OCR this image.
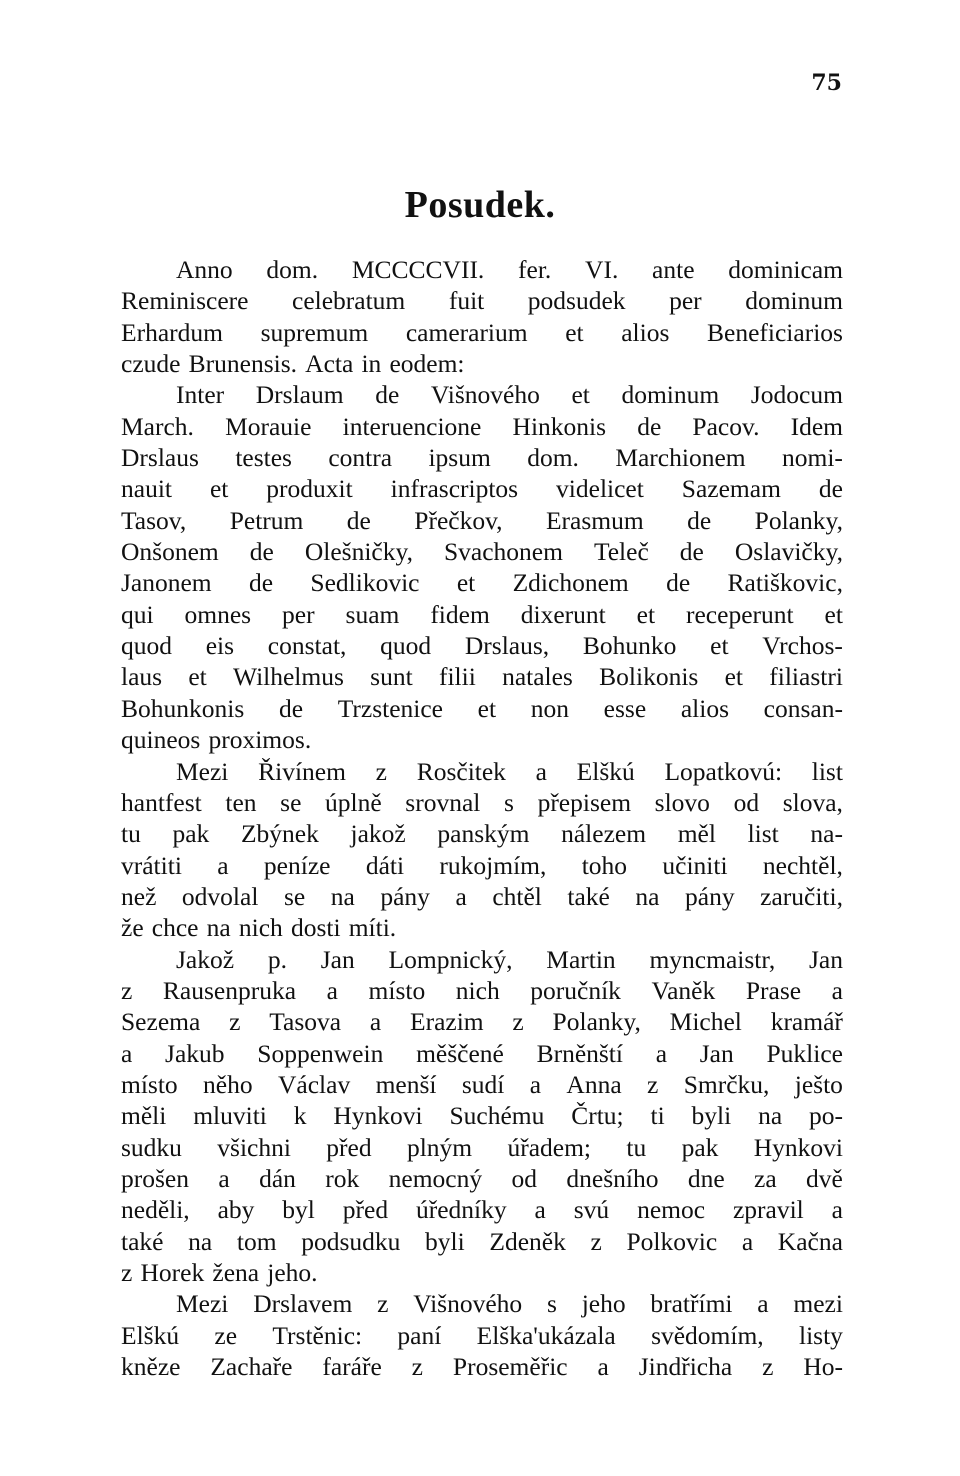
75
Posudek.
Anno dom. MCCCCVII. fer. VI. ante dominicam
Reminiscere celebratum fuit podsudek per dominum
Erhardum supremum camerarium et alios Beneficiarios
czude Brunensis. Acta in eodem:
Inter Drslaum de Višnového et dominum Jodocum
March. Morauie interuencione Hinkonis de Pacov. Idem
Drslaus testes contra ipsum dom. Marchionem nomi-
nauit et produxit infrascriptos videlicet Sazemam de
Tasov, Petrum de Přečkov, Erasmum de Polanky,
Onšonem de Olešničky, Svachonem Teleč de Oslavičky,
Janonem de Sedlikovic et Zdichonem de Ratiškovic,
qui omnes per suam fidem dixerunt et receperunt et
quod eis constat, quod Drslaus, Bohunko et Vrchos-
laus et Wilhelmus sunt filii natales Bolikonis et filiastri
Bohunkonis de Trzstenice et non esse alios consan-
quineos proximos.
Mezi Řivínem z Rosčitek a Elškú Lopatkovú: list
hantfest ten se úplně srovnal s přepisem slovo od slova,
tu pak Zbýnek jakož panským nálezem měl list na-
vrátiti a peníze dáti rukojmím, toho učiniti nechtěl,
než odvolal se na pány a chtěl také na pány zaručiti,
že chce na nich dosti míti.
Jakož p. Jan Lompnický, Martin myncmaistr, Jan
z Rausenpruka a místo nich poručník Vaněk Prase a
Sezema z Tasova a Erazim z Polanky, Michel kramář
a Jakub Soppenwein měščené Brněnští a Jan Puklice
místo něho Václav menší sudí a Anna z Smrčku, ješto
měli mluviti k Hynkovi Suchému Črtu; ti byli na po-
sudku všichni před plným úřadem; tu pak Hynkovi
prošen a dán rok nemocný od dnešního dne za dvě
neděli, aby byl před úředníky a svú nemoc zpravil a
také na tom podsudku byli Zdeněk z Polkovic a Kačna
z Horek žena jeho.
Mezi Drslavem z Višnového s jeho bratřími a mezi
Elškú ze Trstěnic: paní Elška'ukázala svědomím, listy
kněze Zachaře faráře z Proseměřic a Jindřicha z Ho-
